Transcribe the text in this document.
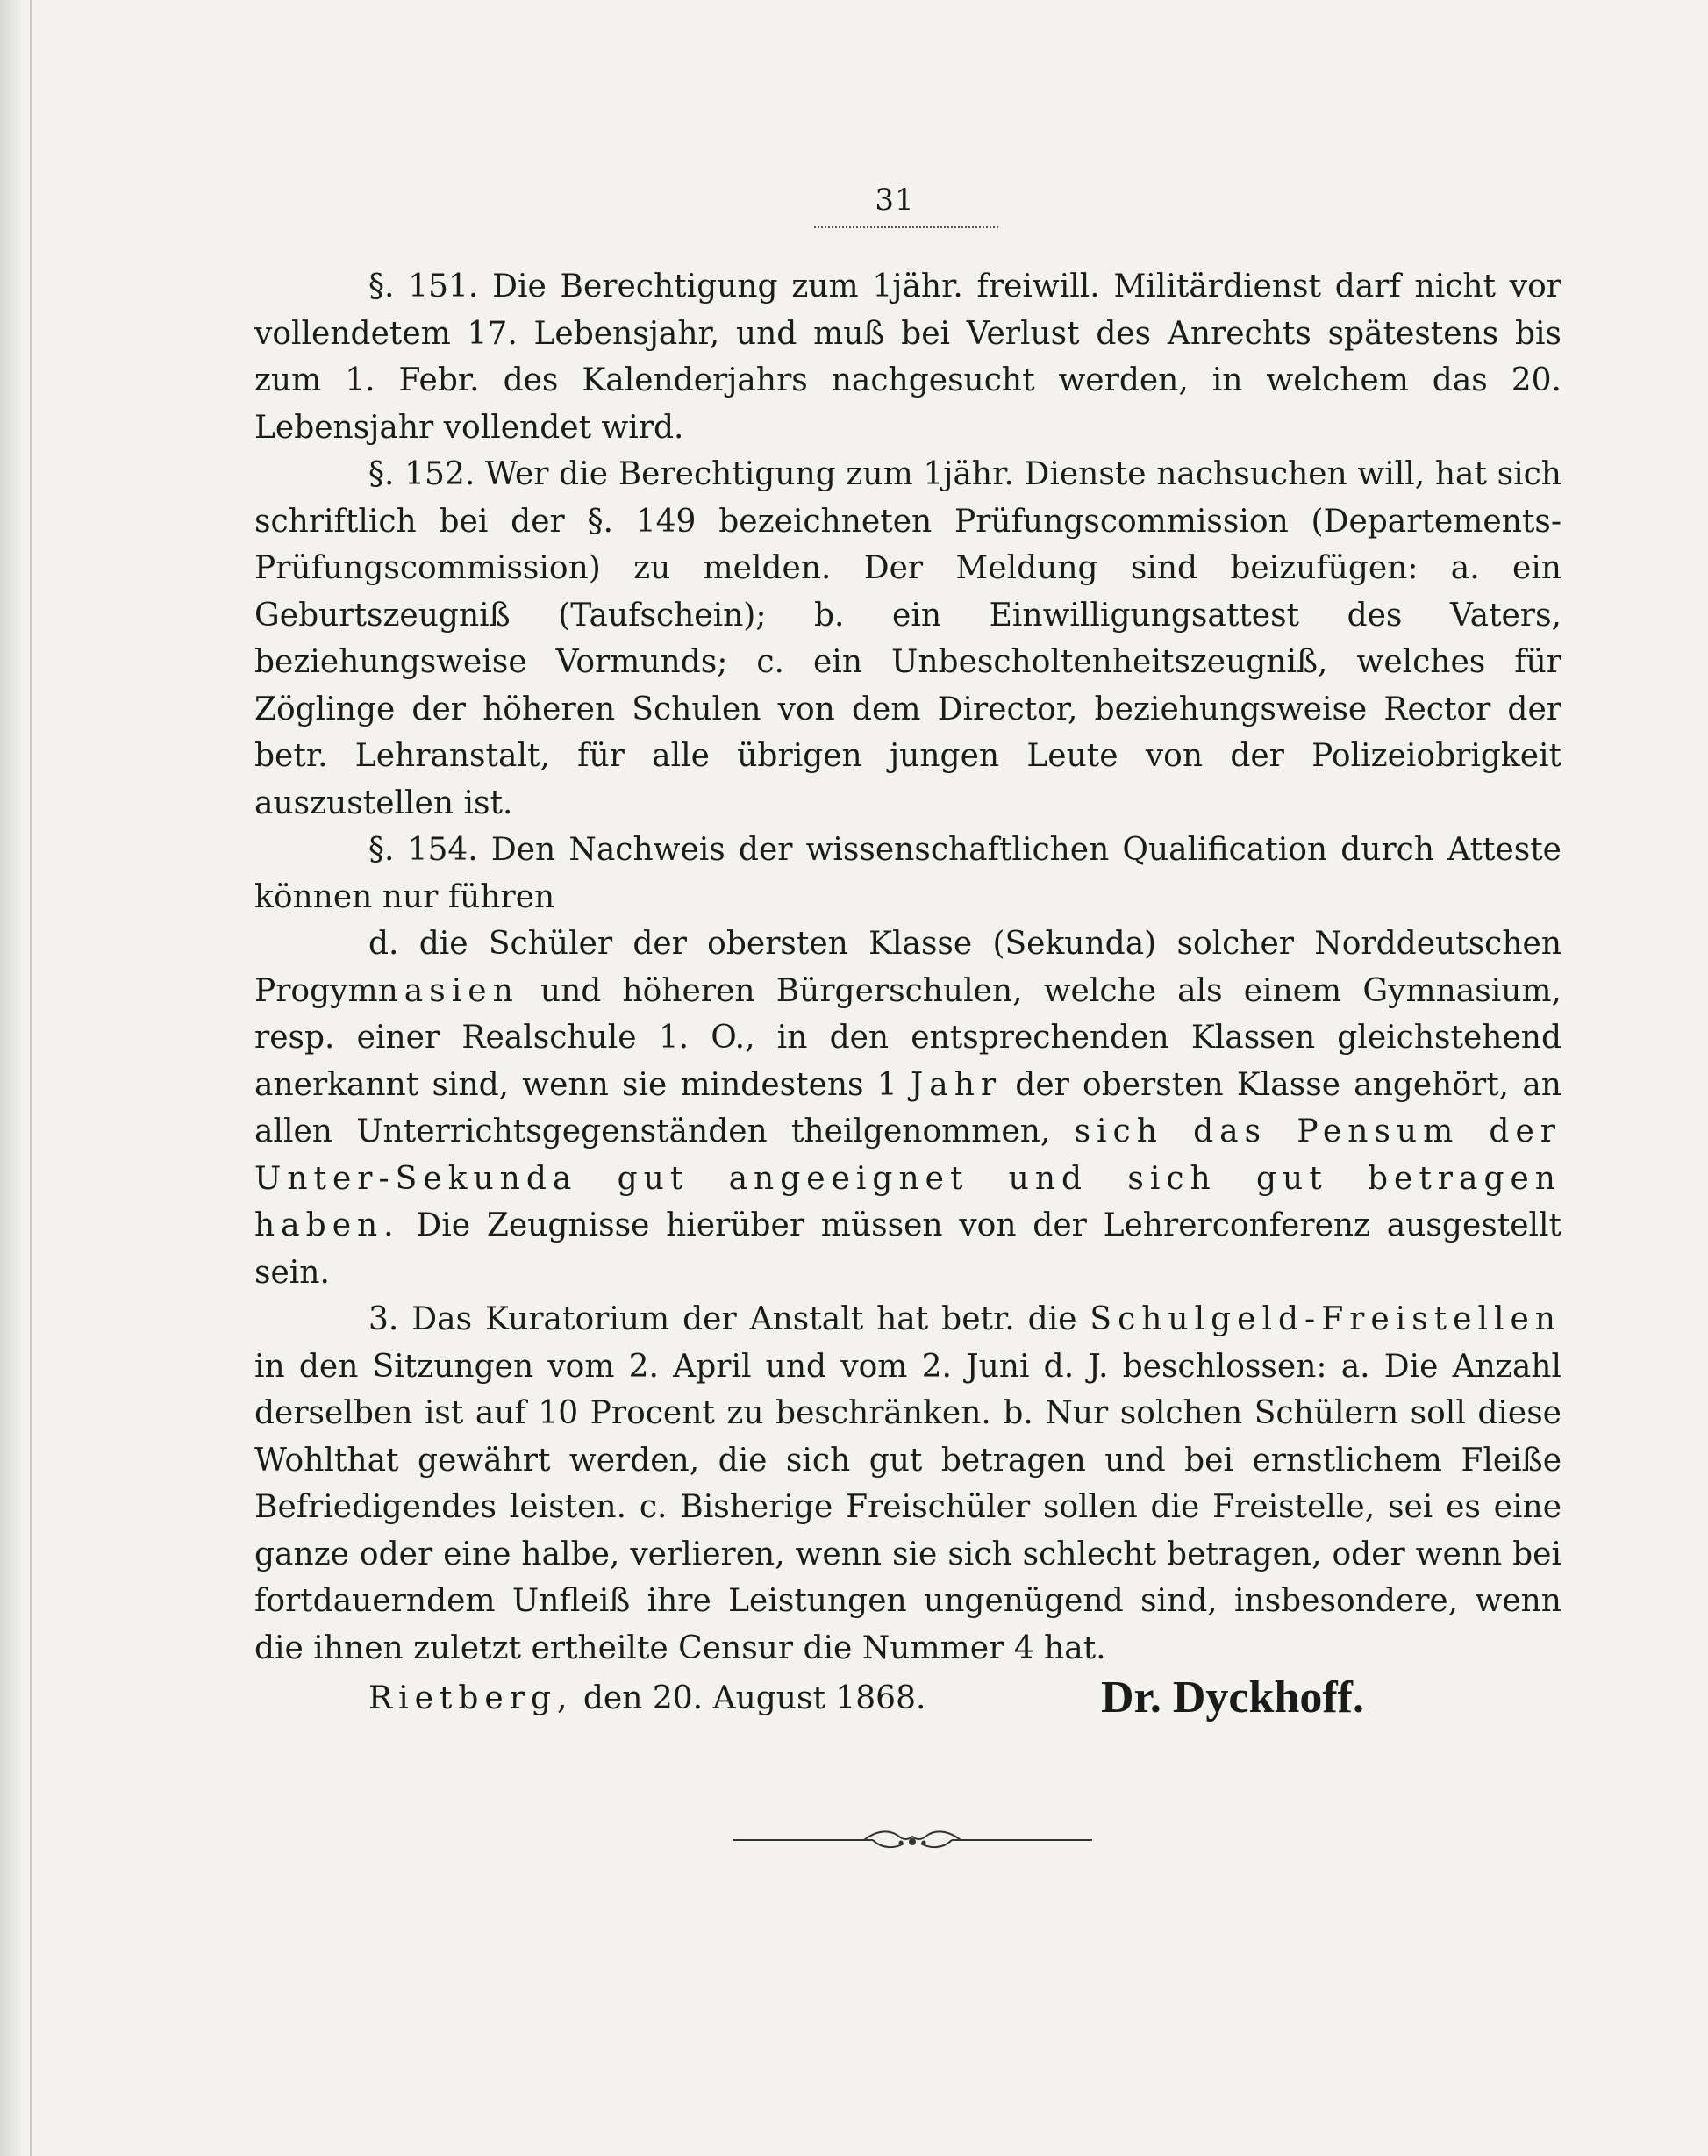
31

§. 151. Die Berechtigung zum 1jähr. freiwill. Militärdienst darf nicht vor vollendetem 17. Lebensjahr, und muß bei Verlust des Anrechts spätestens bis zum 1. Febr. des Kalenderjahrs nachgesucht werden, in welchem das 20. Lebensjahr vollendet wird.

§. 152. Wer die Berechtigung zum 1jähr. Dienste nachsuchen will, hat sich schriftlich bei der §. 149 bezeichneten Prüfungscommission (Departements-Prüfungscommission) zu melden. Der Meldung sind beizufügen: a. ein Geburtszeugniß (Taufschein); b. ein Einwilligungsattest des Vaters, beziehungsweise Vormunds; c. ein Unbescholtenheitszeugniß, welches für Zöglinge der höheren Schulen von dem Director, beziehungsweise Rector der betr. Lehranstalt, für alle übrigen jungen Leute von der Polizeiobrigkeit auszustellen ist.

§. 154. Den Nachweis der wissenschaftlichen Qualification durch Atteste können nur führen

d. die Schüler der obersten Klasse (Sekunda) solcher Norddeutschen Progymnasien und höheren Bürgerschulen, welche als einem Gymnasium, resp. einer Realschule 1. O., in den entsprechenden Klassen gleichstehend anerkannt sind, wenn sie mindestens 1 Jahr der obersten Klasse angehört, an allen Unterrichtsgegenständen theilgenommen, sich das Pensum der Unter-Sekunda gut angeeignet und sich gut betragen haben. Die Zeugnisse hierüber müssen von der Lehrerconferenz ausgestellt sein.

3. Das Kuratorium der Anstalt hat betr. die Schulgeld-Freistellen in den Sitzungen vom 2. April und vom 2. Juni d. J. beschlossen: a. Die Anzahl derselben ist auf 10 Procent zu beschränken. b. Nur solchen Schülern soll diese Wohlthat gewährt werden, die sich gut betragen und bei ernstlichem Fleiße Befriedigendes leisten. c. Bisherige Freischüler sollen die Freistelle, sei es eine ganze oder eine halbe, verlieren, wenn sie sich schlecht betragen, oder wenn bei fortdauerndem Unfleiß ihre Leistungen ungenügend sind, insbesondere, wenn die ihnen zuletzt ertheilte Censur die Nummer 4 hat.

Rietberg, den 20. August 1868.	Dr. Dyckhoff.
